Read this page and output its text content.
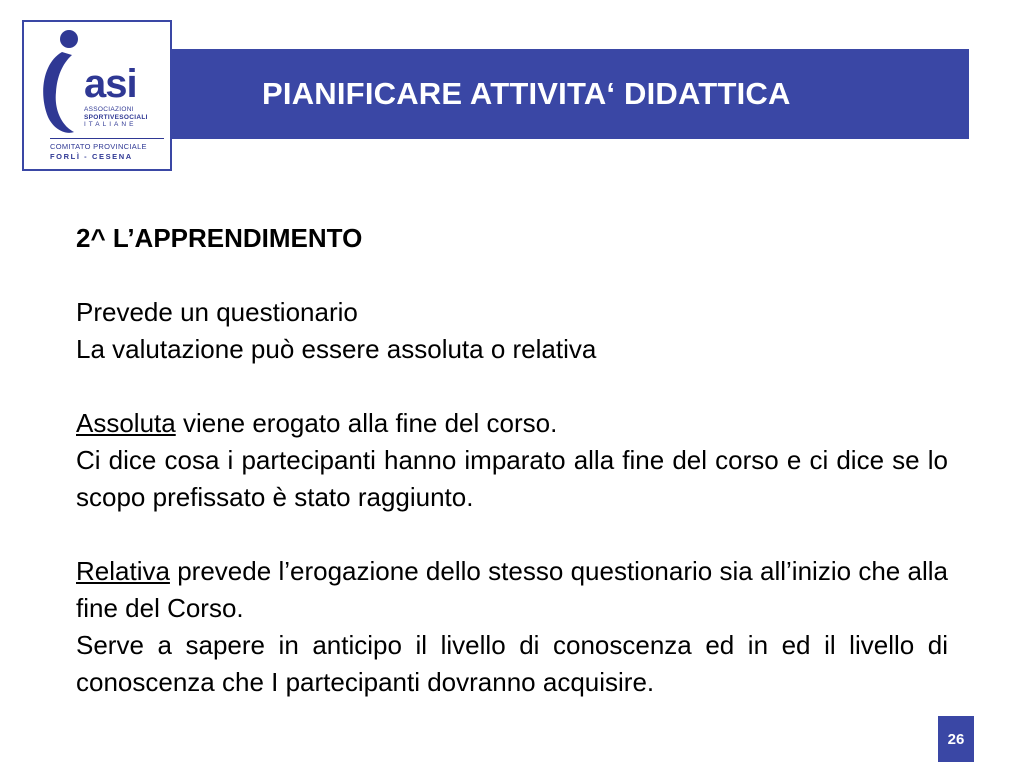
PIANIFICARE ATTIVITA‘ DIDATTICA
asi
ASSOCIAZIONI
SPORTIVESOCIALI
ITALIANE
COMITATO PROVINCIALE
FORLÌ - CESENA

2^ L’APPRENDIMENTO

Prevede un questionario

La valutazione può essere assoluta o relativa

Assoluta viene erogato alla fine del corso.

Ci dice cosa i partecipanti hanno imparato alla fine del corso e ci dice se lo scopo prefissato è stato raggiunto.

Relativa prevede l’erogazione dello stesso questionario sia all’inizio che alla fine del Corso.

Serve a sapere in anticipo il livello di conoscenza ed in ed il livello di conoscenza che I partecipanti dovranno acquisire.

26
